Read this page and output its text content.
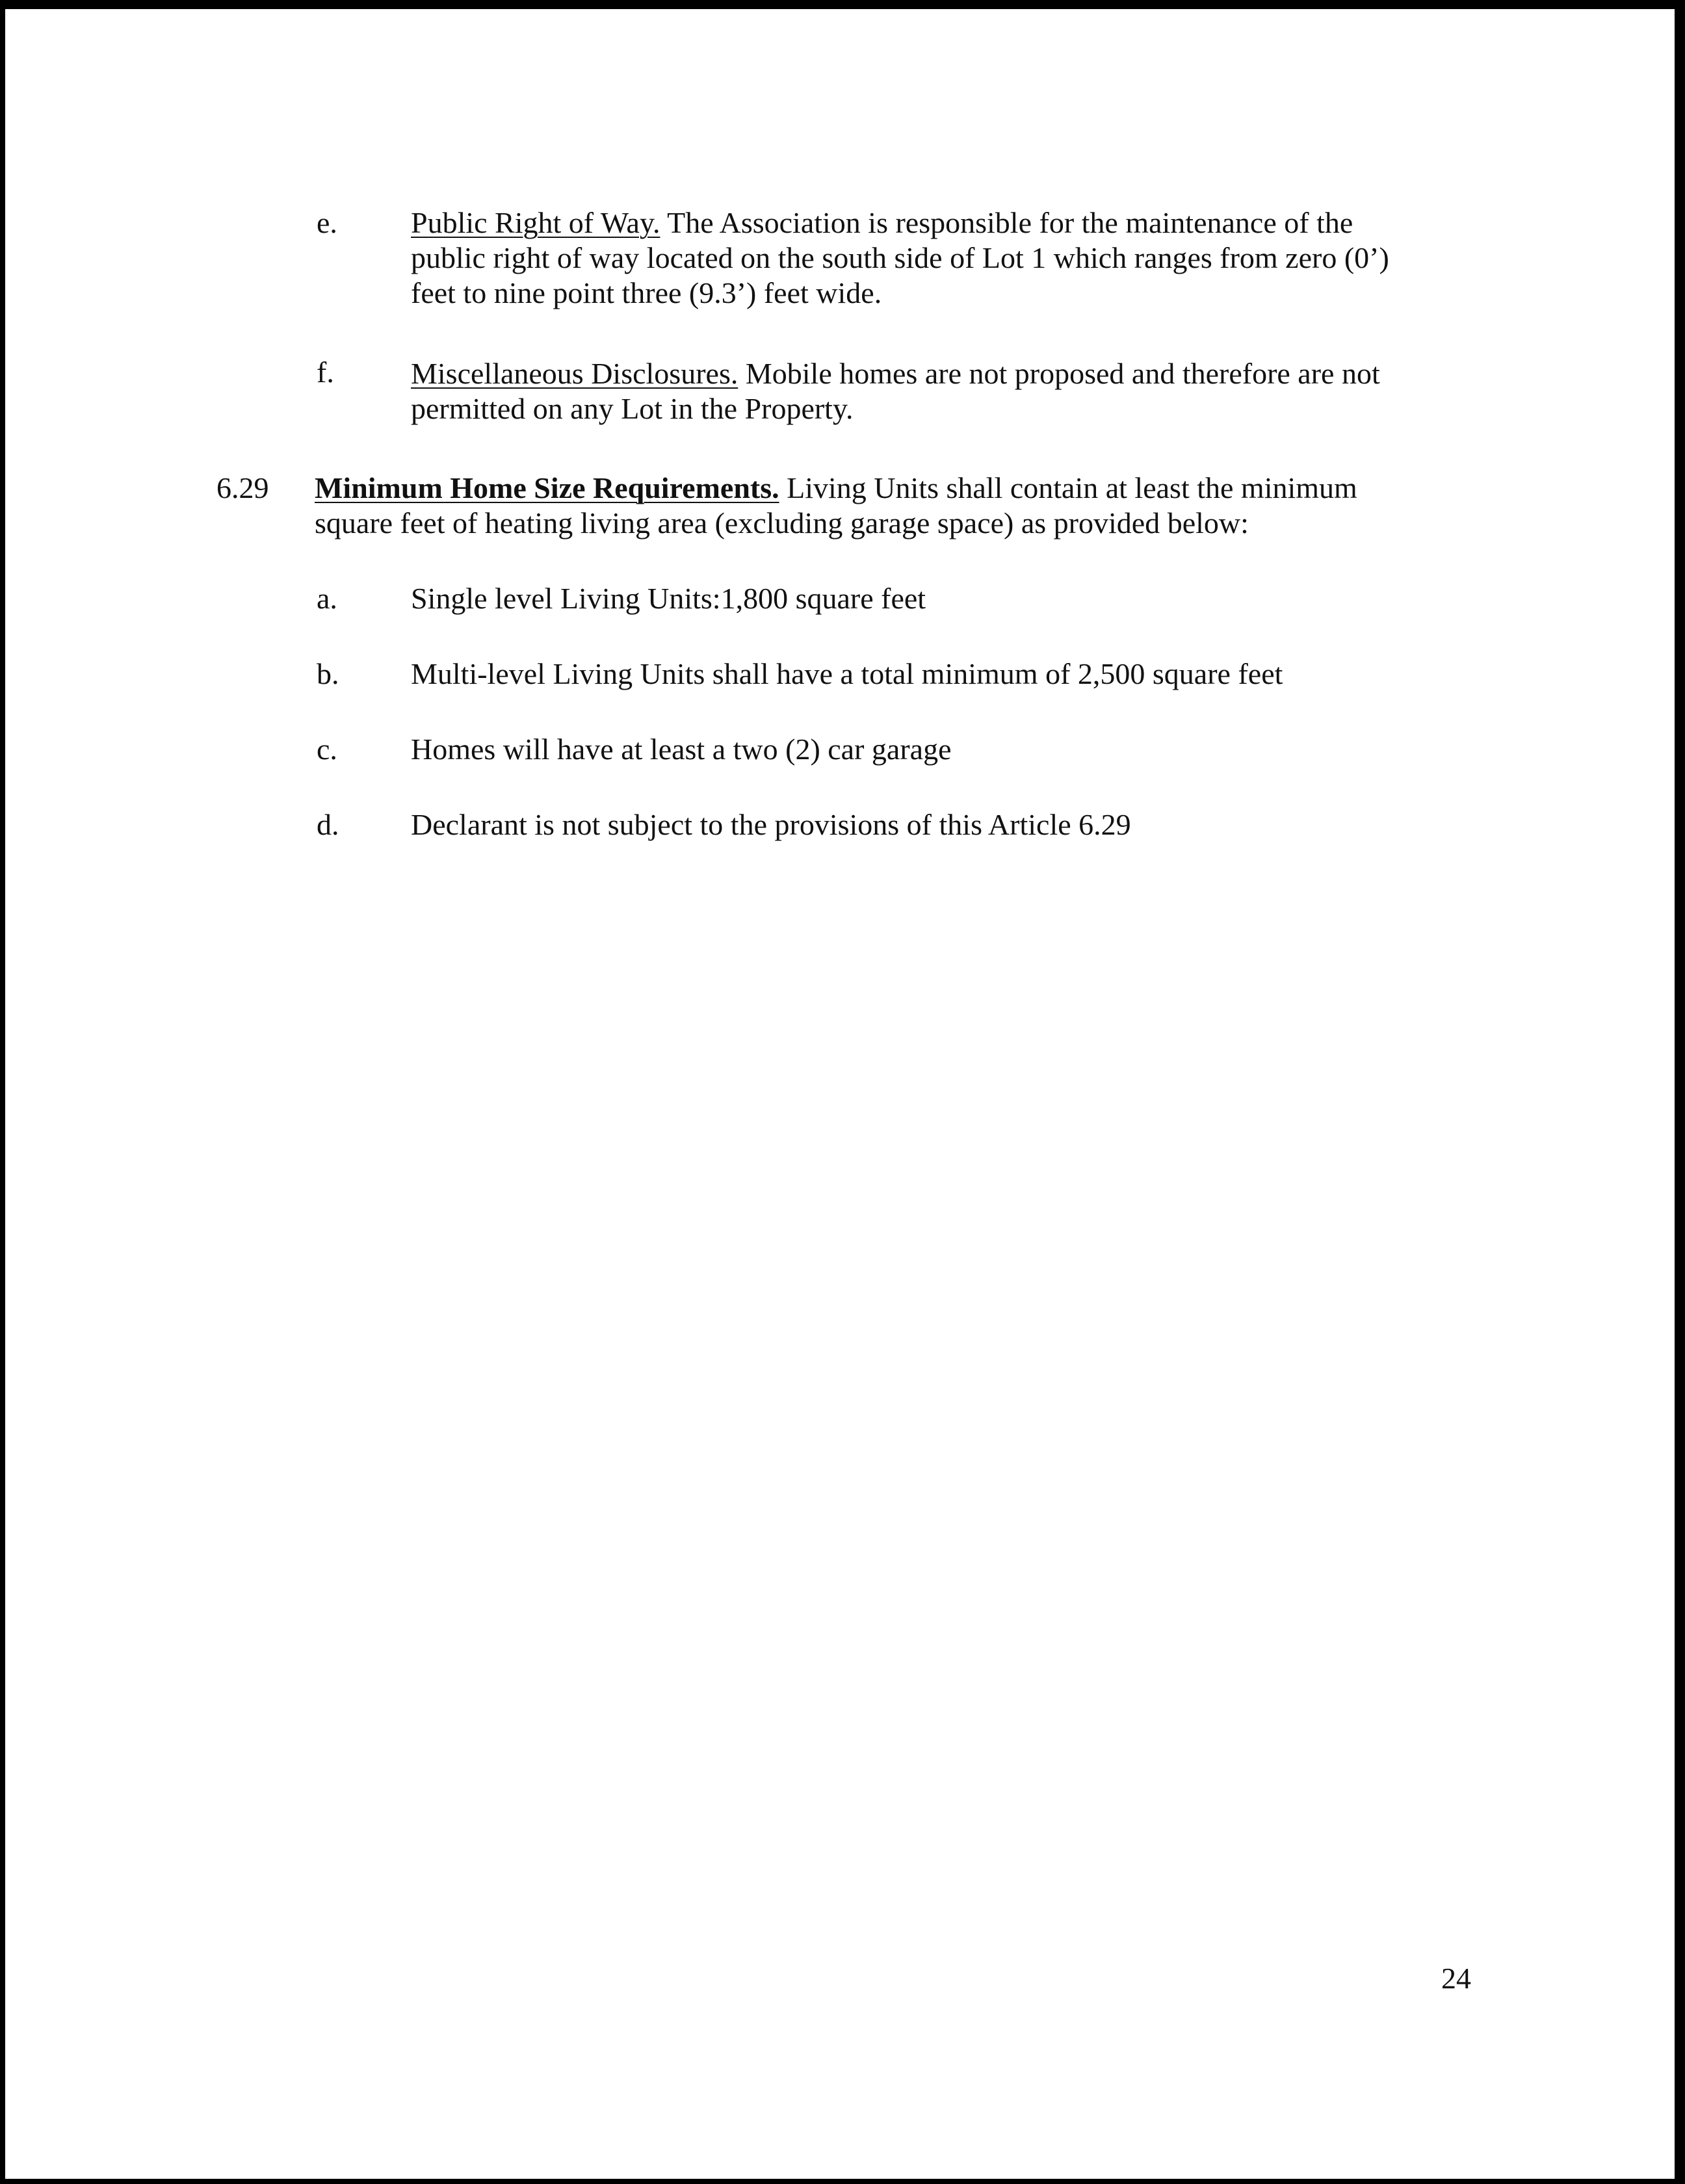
e. Public Right of Way. The Association is responsible for the maintenance of the
public right of way located on the south side of Lot 1 which ranges from zero (0’)
feet to nine point three (9.3’) feet wide.
f.	Miscellaneous Disclosures. Mobile homes are not proposed and therefore are not
permitted on any Lot in the Property.
6.29 Minimum Home Size Requirements. Living Units shall contain at least the minimum
square feet of heating living area (excluding garage space) as provided below:
a. Single level Living Units:1,800 square feet
b. Multi-level Living Units shall have a total minimum of 2,500 square feet
c. Homes will have at least a two (2) car garage
d. Declarant is not subject to the provisions of this Article 6.29
24
